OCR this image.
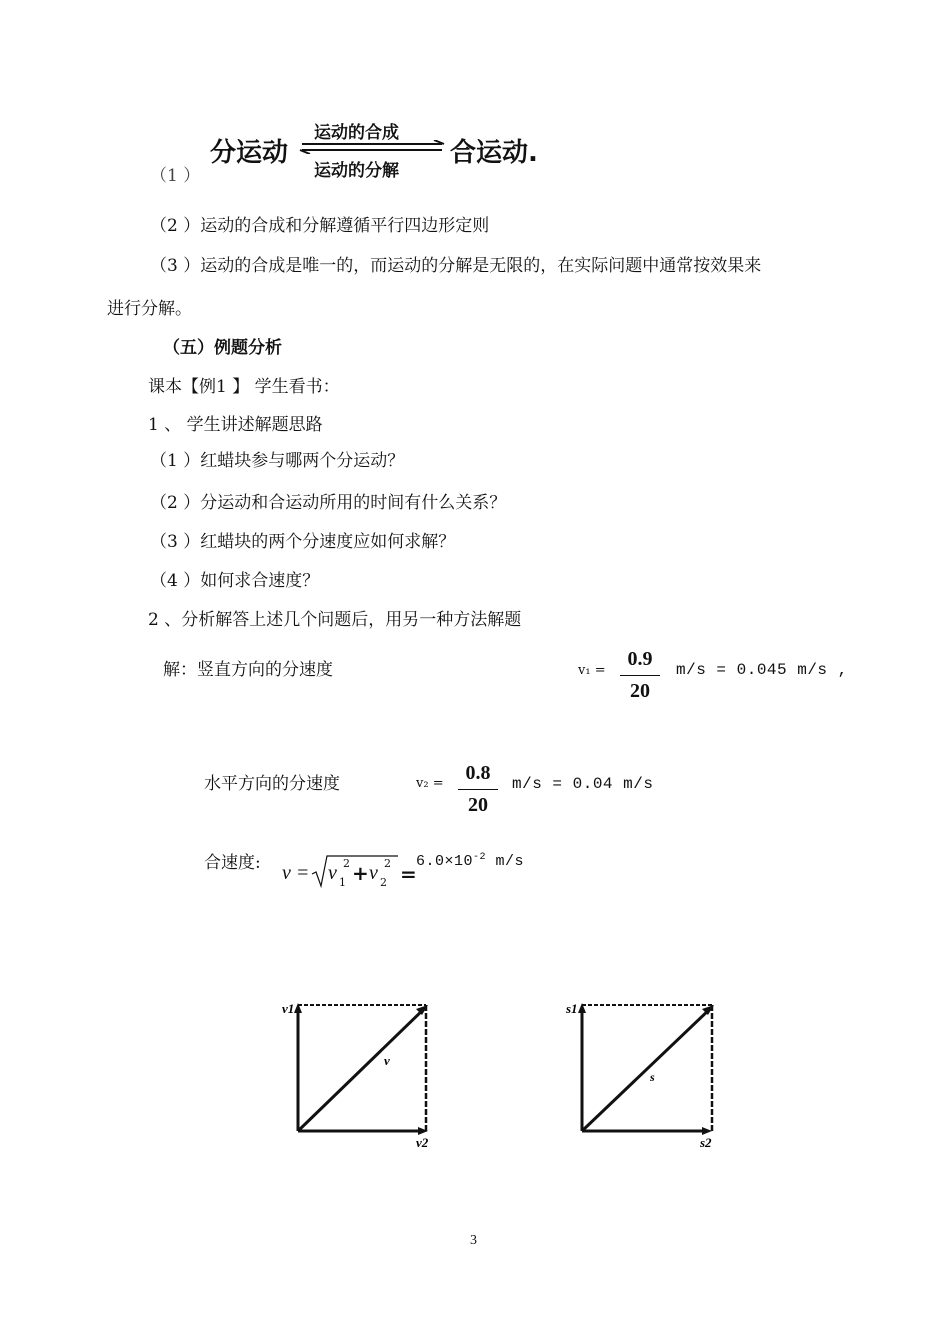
分运动
运动的合成
运动的分解
合运动.
（1 ）
（2 ）运动的合成和分解遵循平行四边形定则
（3 ）运动的合成是唯一的，而运动的分解是无限的，在实际问题中通常按效果来
进行分解。
（五）例题分析
课本【例1 】 学生看书：
1 、 学生讲述解题思路
（1 ）红蜡块参与哪两个分运动？
（2 ）分运动和合运动所用的时间有什么关系？
（3 ）红蜡块的两个分速度应如何求解？
（4 ）如何求合速度？
2 、分析解答上述几个问题后，用另一种方法解题
解：竖直方向的分速度	v₁ =
0.9
20
m/s = 0.045 m/s ,
水平方向的分速度	v₂ =	0.8
20
m/s = 0.04 m/s
合速度: v = v 1
2 + v 2
2 =
$6.0\times 10^{-2}$ m/s
v1
v
v2
s1
s
s2
3
